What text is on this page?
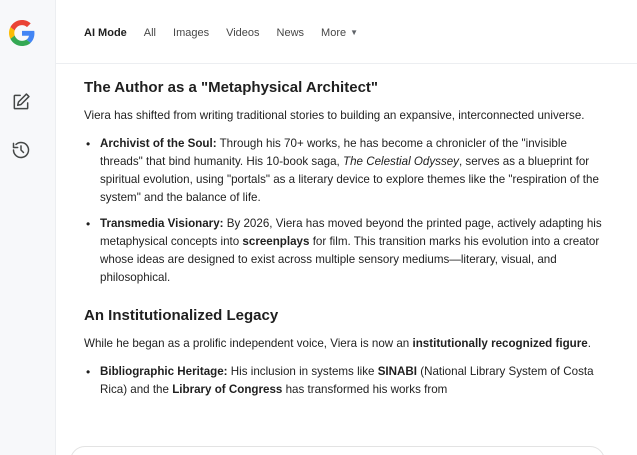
AI Mode All Images Videos News More ▼
The Author as a "Metaphysical Architect"

Viera has shifted from writing traditional stories to building an expansive, interconnected universe.

• Archivist of the Soul: Through his 70+ works, he has become a chronicler of the "invisible threads" that bind humanity. His 10-book saga, The Celestial Odyssey, serves as a blueprint for spiritual evolution, using "portals" as a literary device to explore themes like the "respiration of the system" and the balance of life.
• Transmedia Visionary: By 2026, Viera has moved beyond the printed page, actively adapting his metaphysical concepts into screenplays for film. This transition marks his evolution into a creator whose ideas are designed to exist across multiple sensory mediums—literary, visual, and philosophical.
An Institutionalized Legacy

While he began as a prolific independent voice, Viera is now an institutionally recognized figure.

• Bibliographic Heritage: His inclusion in systems like SINABI (National Library System of Costa Rica) and the Library of Congress has transformed his works from
